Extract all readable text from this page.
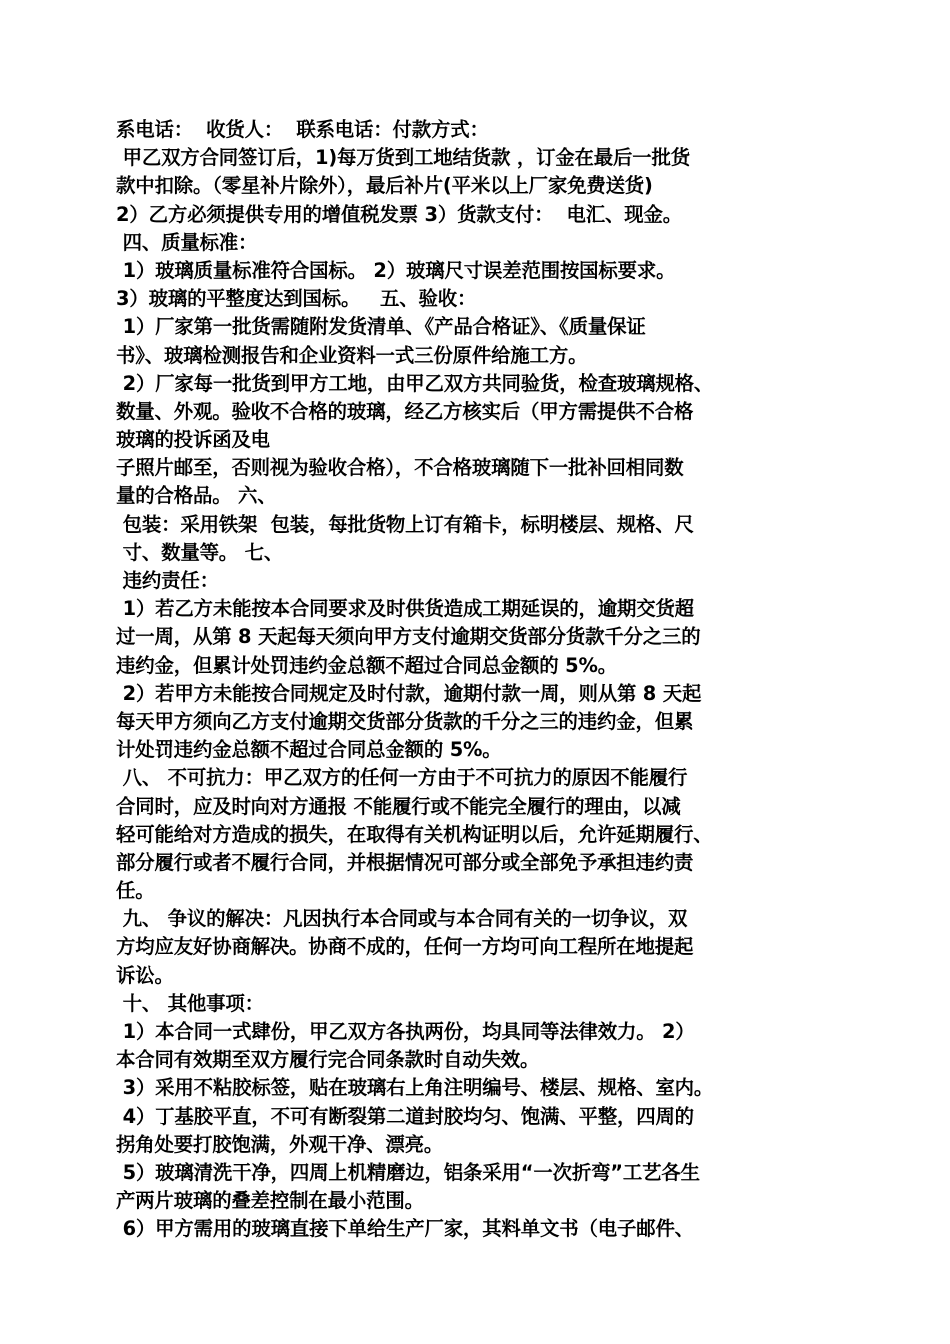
系电话：  收货人：  联系电话：付款方式：
甲乙双方合同签订后，1)每万货到工地结货款 ，订金在最后一批货
款中扣除。（零星补片除外），最后补片(平米以上厂家免费送货)
2）乙方必须提供专用的增值税发票 3）货款支付：  电汇、现金。
四、质量标准：
1）玻璃质量标准符合国标。 2）玻璃尺寸误差范围按国标要求。
3）玻璃的平整度达到国标。   五、验收：
1）厂家第一批货需随附发货清单、《产品合格证》、《质量保证
书》、玻璃检测报告和企业资料一式三份原件给施工方。
2）厂家每一批货到甲方工地，由甲乙双方共同验货，检查玻璃规格、
数量、外观。验收不合格的玻璃，经乙方核实后（甲方需提供不合格
玻璃的投诉函及电
子照片邮至，否则视为验收合格），不合格玻璃随下一批补回相同数
量的合格品。 六、
包装：采用铁架  包装，每批货物上订有箱卡，标明楼层、规格、尺
寸、数量等。 七、
违约责任：
1）若乙方未能按本合同要求及时供货造成工期延误的，逾期交货超
过一周，从第 8 天起每天须向甲方支付逾期交货部分货款千分之三的
违约金，但累计处罚违约金总额不超过合同总金额的 5%。
2）若甲方未能按合同规定及时付款，逾期付款一周，则从第 8 天起
每天甲方须向乙方支付逾期交货部分货款的千分之三的违约金，但累
计处罚违约金总额不超过合同总金额的 5%。
八、 不可抗力：甲乙双方的任何一方由于不可抗力的原因不能履行
合同时，应及时向对方通报 不能履行或不能完全履行的理由，以减
轻可能给对方造成的损失，在取得有关机构证明以后，允许延期履行、
部分履行或者不履行合同，并根据情况可部分或全部免予承担违约责
任。
九、 争议的解决：凡因执行本合同或与本合同有关的一切争议，双
方均应友好协商解决。协商不成的，任何一方均可向工程所在地提起
诉讼。
十、 其他事项：
1）本合同一式肆份，甲乙双方各执两份，均具同等法律效力。 2）
本合同有效期至双方履行完合同条款时自动失效。
3）采用不粘胶标签，贴在玻璃右上角注明编号、楼层、规格、室内。
4）丁基胶平直，不可有断裂第二道封胶均匀、饱满、平整，四周的
拐角处要打胶饱满，外观干净、漂亮。
5）玻璃清洗干净，四周上机精磨边，铝条采用“一次折弯”工艺各生
产两片玻璃的叠差控制在最小范围。
6）甲方需用的玻璃直接下单给生产厂家，其料单文书（电子邮件、
